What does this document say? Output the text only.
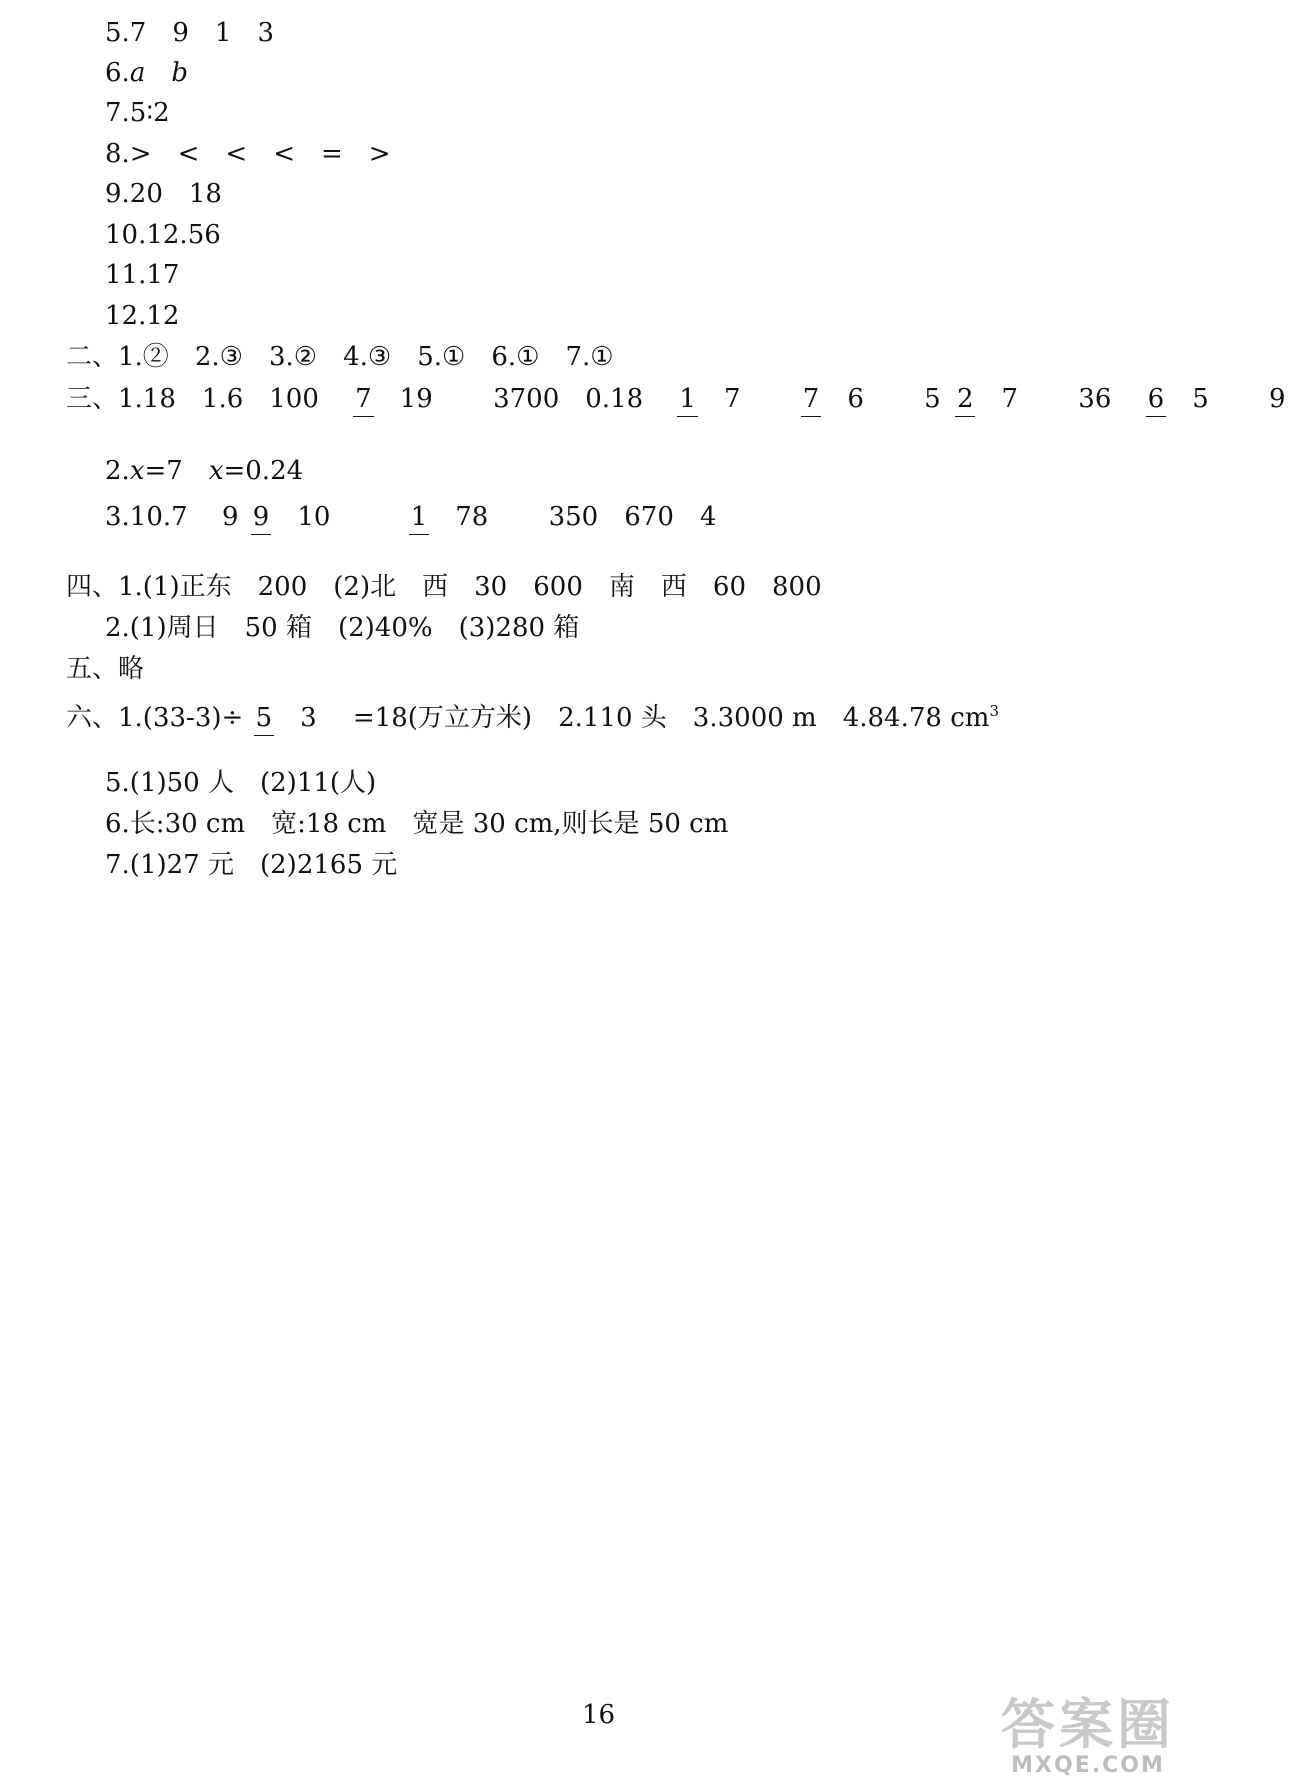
5.7 9 1 3
6.a b
7.5∶2
8.> < < < = >
9.20 18
10.12.56
11.17
12.12
二、1.② 2.③ 3.② 4.③ 5.① 6.① 7.①
三、1.18 1.6 100 7 19 3700 0.18 1 7 7 6 5 2 7 36 6 5 9
2.x=7 x=0.24
3.10.7 9 9 10	1 78 350 670 4
四、1.(1)正东 200 (2)北 西 30 600 南 西 60 800
2.(1)周日 50 箱 (2)40% (3)280 箱
五、略
六、1.(33-3)÷ 5 3 =18(万立方米) 2.110 头 3.3000 m 4.84.78 $cm^3$
5.(1)50 人 (2)11(人)
6.长:30 cm 宽:18 cm 宽是 30 cm,则长是 50 cm
7.(1)27 元 (2)2165 元
16	答案圈
MXQE.COM
